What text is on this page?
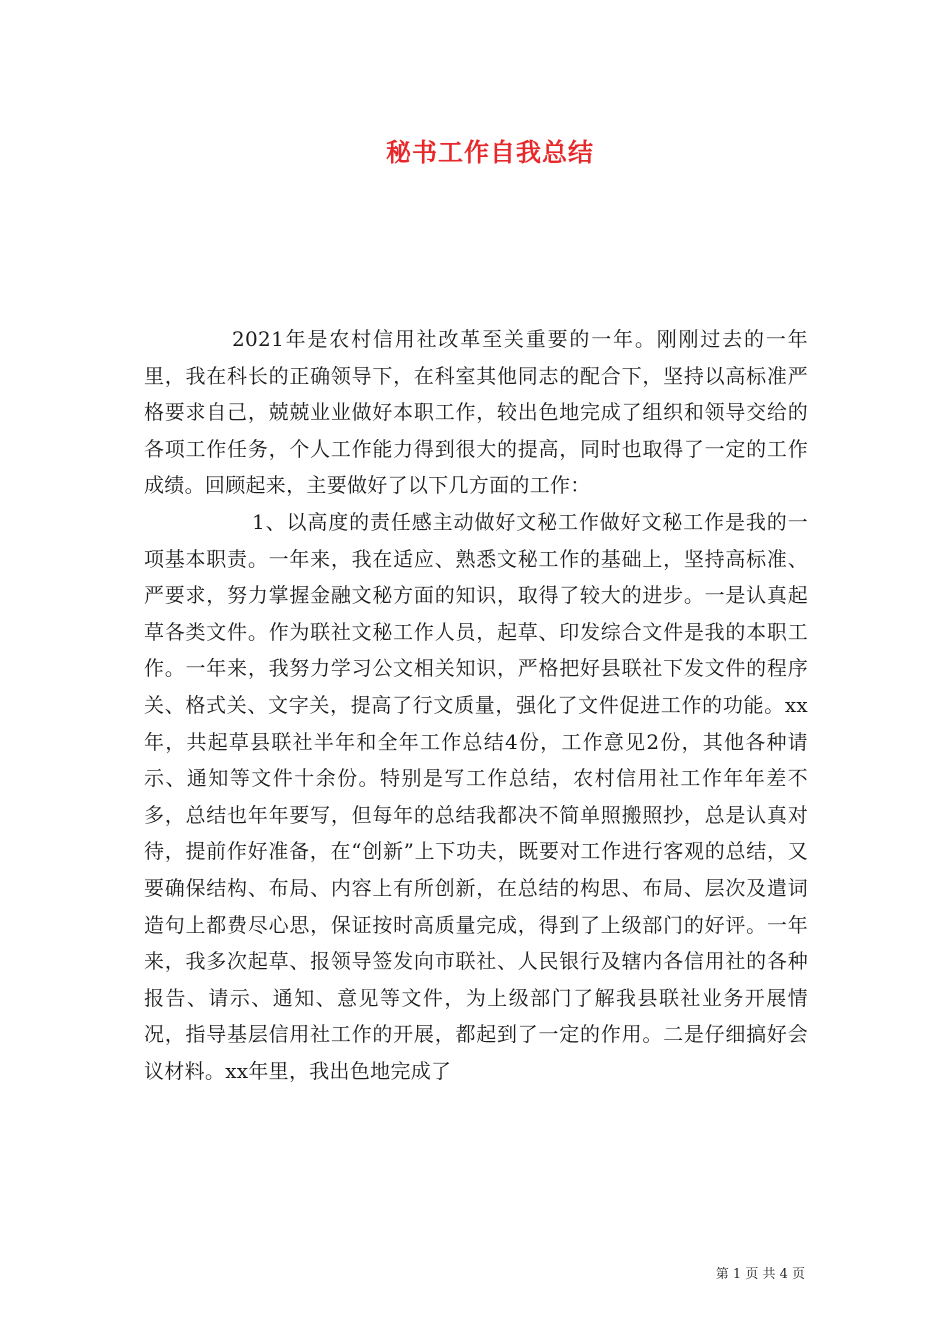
秘书工作自我总结

2021年是农村信用社改革至关重要的一年。刚刚过去的一年里，我在科长的正确领导下，在科室其他同志的配合下，坚持以高标准严格要求自己，兢兢业业做好本职工作，较出色地完成了组织和领导交给的各项工作任务，个人工作能力得到很大的提高，同时也取得了一定的工作成绩。回顾起来，主要做好了以下几方面的工作：

1、以高度的责任感主动做好文秘工作做好文秘工作是我的一项基本职责。一年来，我在适应、熟悉文秘工作的基础上，坚持高标准、严要求，努力掌握金融文秘方面的知识，取得了较大的进步。一是认真起草各类文件。作为联社文秘工作人员，起草、印发综合文件是我的本职工作。一年来，我努力学习公文相关知识，严格把好县联社下发文件的程序关、格式关、文字关，提高了行文质量，强化了文件促进工作的功能。xx年，共起草县联社半年和全年工作总结4份，工作意见2份，其他各种请示、通知等文件十余份。特别是写工作总结，农村信用社工作年年差不多，总结也年年要写，但每年的总结我都决不简单照搬照抄，总是认真对待，提前作好准备，在“创新”上下功夫，既要对工作进行客观的总结，又要确保结构、布局、内容上有所创新，在总结的构思、布局、层次及遣词造句上都费尽心思，保证按时高质量完成，得到了上级部门的好评。一年来，我多次起草、报领导签发向市联社、人民银行及辖内各信用社的各种报告、请示、通知、意见等文件，为上级部门了解我县联社业务开展情况，指导基层信用社工作的开展，都起到了一定的作用。二是仔细搞好会议材料。xx年里，我出色地完成了

第 1 页 共 4 页
